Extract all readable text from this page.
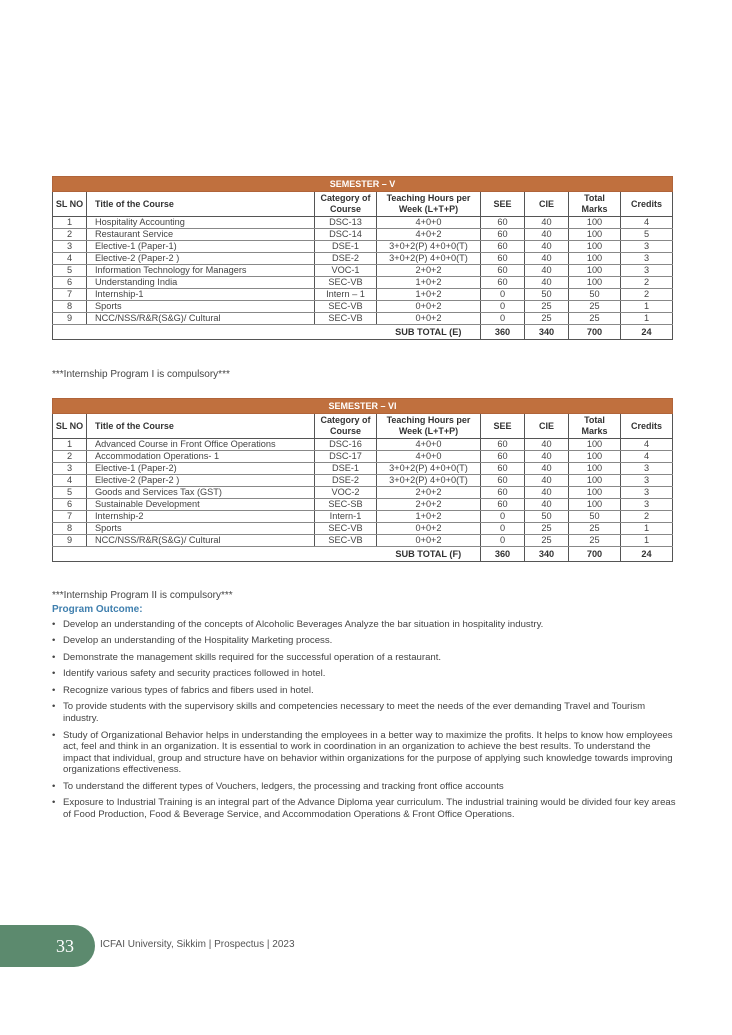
SEMESTER – V							
SL NO	Title of the Course	Category of Course	Teaching Hours per Week (L+T+P)	SEE	CIE	Total Marks	Credits
1	Hospitality Accounting	DSC-13	4+0+0	60	40	100	4
2	Restaurant Service	DSC-14	4+0+2	60	40	100	5
3	Elective-1 (Paper-1)	DSE-1	3+0+2(P) 4+0+0(T)	60	40	100	3
4	Elective-2 (Paper-2 )	DSE-2	3+0+2(P) 4+0+0(T)	60	40	100	3
5	Information Technology for Managers	VOC-1	2+0+2	60	40	100	3
6	Understanding India	SEC-VB	1+0+2	60	40	100	2
7	Internship-1	Intern – 1	1+0+2	0	50	50	2
8	Sports	SEC-VB	0+0+2	0	25	25	1
9	NCC/NSS/R&R(S&G)/ Cultural	SEC-VB	0+0+2	0	25	25	1
			SUB TOTAL (E)	360	340	700	24
***Internship Program I is compulsory***
SEMESTER – VI							
SL NO	Title of the Course	Category of Course	Teaching Hours per Week (L+T+P)	SEE	CIE	Total Marks	Credits
1	Advanced Course in Front Office Operations	DSC-16	4+0+0	60	40	100	4
2	Accommodation Operations- 1	DSC-17	4+0+0	60	40	100	4
3	Elective-1 (Paper-2)	DSE-1	3+0+2(P) 4+0+0(T)	60	40	100	3
4	Elective-2 (Paper-2 )	DSE-2	3+0+2(P) 4+0+0(T)	60	40	100	3
5	Goods and Services Tax (GST)	VOC-2	2+0+2	60	40	100	3
6	Sustainable Development	SEC-SB	2+0+2	60	40	100	3
7	Internship-2	Intern-1	1+0+2	0	50	50	2
8	Sports	SEC-VB	0+0+2	0	25	25	1
9	NCC/NSS/R&R(S&G)/ Cultural	SEC-VB	0+0+2	0	25	25	1
			SUB TOTAL (F)	360	340	700	24
***Internship Program II is compulsory***
Program Outcome:
• Develop an understanding of the concepts of Alcoholic Beverages Analyze the bar situation in hospitality industry.
• Develop an understanding of the Hospitality Marketing process.
• Demonstrate the management skills required for the successful operation of a restaurant.
• Identify various safety and security practices followed in hotel.
• Recognize various types of fabrics and fibers used in hotel.
• To provide students with the supervisory skills and competencies necessary to meet the needs of the ever demanding Travel and Tourism industry.
• Study of Organizational Behavior helps in understanding the employees in a better way to maximize the profits. It helps to know how employees act, feel and think in an organization. It is essential to work in coordination in an organization to achieve the best results. To understand the impact that individual, group and structure have on behavior within organizations for the purpose of applying such knowledge towards improving organizations effectiveness.
• To understand the different types of Vouchers, ledgers, the processing and tracking front office accounts
• Exposure to Industrial Training is an integral part of the Advance Diploma year curriculum. The industrial training would be divided four key areas of Food Production, Food & Beverage Service, and Accommodation Operations & Front Office Operations.
33	ICFAI University, Sikkim | Prospectus | 2023
